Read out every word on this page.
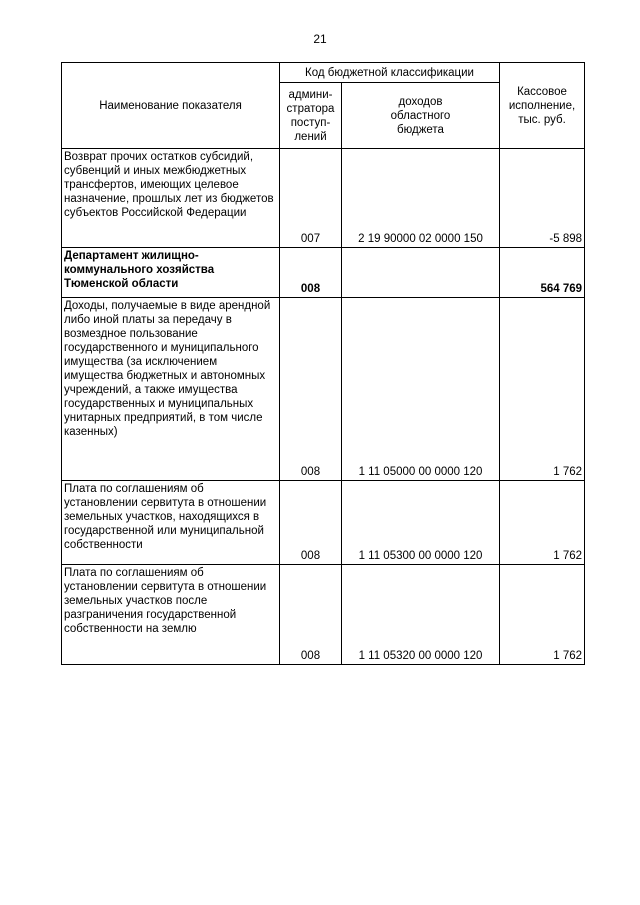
21
Наименование показателя	Код бюджетной классификации		Кассовое
исполнение,
тыс. руб.
	админи-
стратора
поступ-
лений	доходов
областного
бюджета	
Возврат прочих остатков субсидий, субвенций и иных межбюджетных трансфертов, имеющих целевое назначение, прошлых лет из бюджетов субъектов Российской Федерации	007	2 19 90000 02 0000 150	-5 898
Департамент жилищно-коммунального хозяйства Тюменской области	008		564 769
Доходы, получаемые в виде арендной либо иной платы за передачу в возмездное пользование государственного и муниципального имущества (за исключением имущества бюджетных и автономных учреждений, а также имущества государственных и муниципальных унитарных предприятий, в том числе казенных)	008	1 11 05000 00 0000 120	1 762
Плата по соглашениям об установлении сервитута в отношении земельных участков, находящихся в государственной или муниципальной собственности	008	1 11 05300 00 0000 120	1 762
Плата по соглашениям об установлении сервитута в отношении земельных участков после разграничения государственной собственности на землю	008	1 11 05320 00 0000 120	1 762
